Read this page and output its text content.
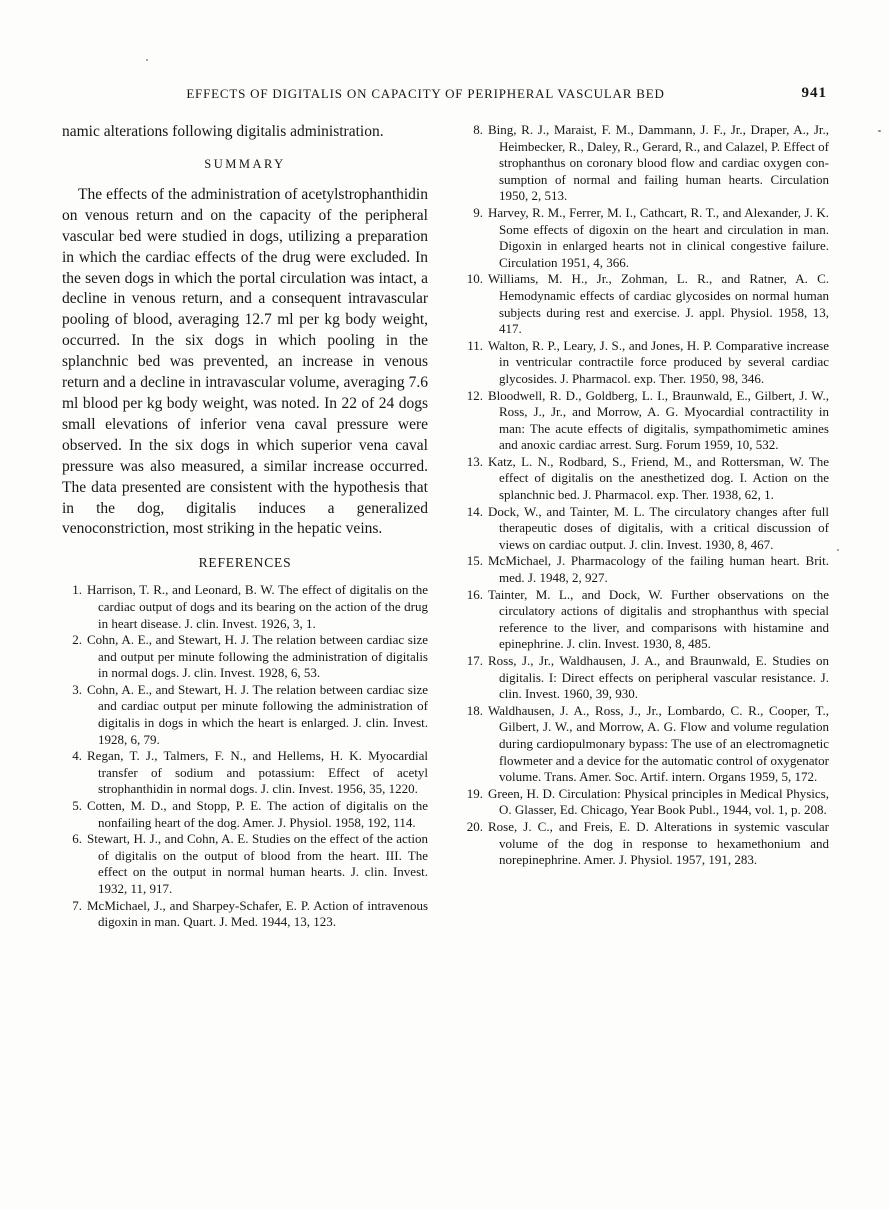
EFFECTS OF DIGITALIS ON CAPACITY OF PERIPHERAL VASCULAR BED	941

namic alterations following digitalis administration.

SUMMARY

The effects of the administration of acetylstrophanthidin on venous return and on the capacity of the peripheral vascular bed were studied in dogs, utilizing a preparation in which the cardiac effects of the drug were excluded. In the seven dogs in which the portal circulation was intact, a decline in venous return, and a consequent intravascular pooling of blood, averaging 12.7 ml per kg body weight, occurred. In the six dogs in which pooling in the splanchnic bed was prevented, an increase in venous return and a decline in intravascular volume, averaging 7.6 ml blood per kg body weight, was noted. In 22 of 24 dogs small elevations of inferior vena caval pressure were observed. In the six dogs in which superior vena caval pressure was also measured, a similar increase occurred. The data presented are consistent with the hypothesis that in the dog, digitalis induces a generalized venoconstriction, most striking in the hepatic veins.

REFERENCES
1. Harrison, T. R., and Leonard, B. W. The effect of digitalis on the cardiac output of dogs and its bearing on the action of the drug in heart disease. J. clin. Invest. 1926, 3, 1.
2. Cohn, A. E., and Stewart, H. J. The relation between cardiac size and output per minute following the administration of digitalis in normal dogs. J. clin. Invest. 1928, 6, 53.
3. Cohn, A. E., and Stewart, H. J. The relation between cardiac size and cardiac output per minute following the administration of digitalis in dogs in which the heart is enlarged. J. clin. Invest. 1928, 6, 79.
4. Regan, T. J., Talmers, F. N., and Hellems, H. K. Myocardial transfer of sodium and potassium: Effect of acetyl strophanthidin in normal dogs. J. clin. Invest. 1956, 35, 1220.
5. Cotten, M. D., and Stopp, P. E. The action of digitalis on the nonfailing heart of the dog. Amer. J. Physiol. 1958, 192, 114.
6. Stewart, H. J., and Cohn, A. E. Studies on the effect of the action of digitalis on the output of blood from the heart. III. The effect on the output in normal human hearts. J. clin. Invest. 1932, 11, 917.
7. McMichael, J., and Sharpey-Schafer, E. P. Action of intravenous digoxin in man. Quart. J. Med. 1944, 13, 123.
8. Bing, R. J., Maraist, F. M., Dammann, J. F., Jr., Draper, A., Jr., Heimbecker, R., Daley, R., Gerard, R., and Calazel, P. Effect of strophanthus on coronary blood flow and cardiac oxygen consumption of normal and failing human hearts. Circulation 1950, 2, 513.
9. Harvey, R. M., Ferrer, M. I., Cathcart, R. T., and Alexander, J. K. Some effects of digoxin on the heart and circulation in man. Digoxin in enlarged hearts not in clinical congestive failure. Circulation 1951, 4, 366.
10. Williams, M. H., Jr., Zohman, L. R., and Ratner, A. C. Hemodynamic effects of cardiac glycosides on normal human subjects during rest and exercise. J. appl. Physiol. 1958, 13, 417.
11. Walton, R. P., Leary, J. S., and Jones, H. P. Comparative increase in ventricular contractile force produced by several cardiac glycosides. J. Pharmacol. exp. Ther. 1950, 98, 346.
12. Bloodwell, R. D., Goldberg, L. I., Braunwald, E., Gilbert, J. W., Ross, J., Jr., and Morrow, A. G. Myocardial contractility in man: The acute effects of digitalis, sympathomimetic amines and anoxic cardiac arrest. Surg. Forum 1959, 10, 532.
13. Katz, L. N., Rodbard, S., Friend, M., and Rottersman, W. The effect of digitalis on the anesthetized dog. I. Action on the splanchnic bed. J. Pharmacol. exp. Ther. 1938, 62, 1.
14. Dock, W., and Tainter, M. L. The circulatory changes after full therapeutic doses of digitalis, with a critical discussion of views on cardiac output. J. clin. Invest. 1930, 8, 467.
15. McMichael, J. Pharmacology of the failing human heart. Brit. med. J. 1948, 2, 927.
16. Tainter, M. L., and Dock, W. Further observations on the circulatory actions of digitalis and strophanthus with special reference to the liver, and comparisons with histamine and epinephrine. J. clin. Invest. 1930, 8, 485.
17. Ross, J., Jr., Waldhausen, J. A., and Braunwald, E. Studies on digitalis. I: Direct effects on peripheral vascular resistance. J. clin. Invest. 1960, 39, 930.
18. Waldhausen, J. A., Ross, J., Jr., Lombardo, C. R., Cooper, T., Gilbert, J. W., and Morrow, A. G. Flow and volume regulation during cardiopulmonary bypass: The use of an electromagnetic flowmeter and a device for the automatic control of oxygenator volume. Trans. Amer. Soc. Artif. intern. Organs 1959, 5, 172.
19. Green, H. D. Circulation: Physical principles in Medical Physics, O. Glasser, Ed. Chicago, Year Book Publ., 1944, vol. 1, p. 208.
20. Rose, J. C., and Freis, E. D. Alterations in systemic vascular volume of the dog in response to hexamethonium and norepinephrine. Amer. J. Physiol. 1957, 191, 283.
